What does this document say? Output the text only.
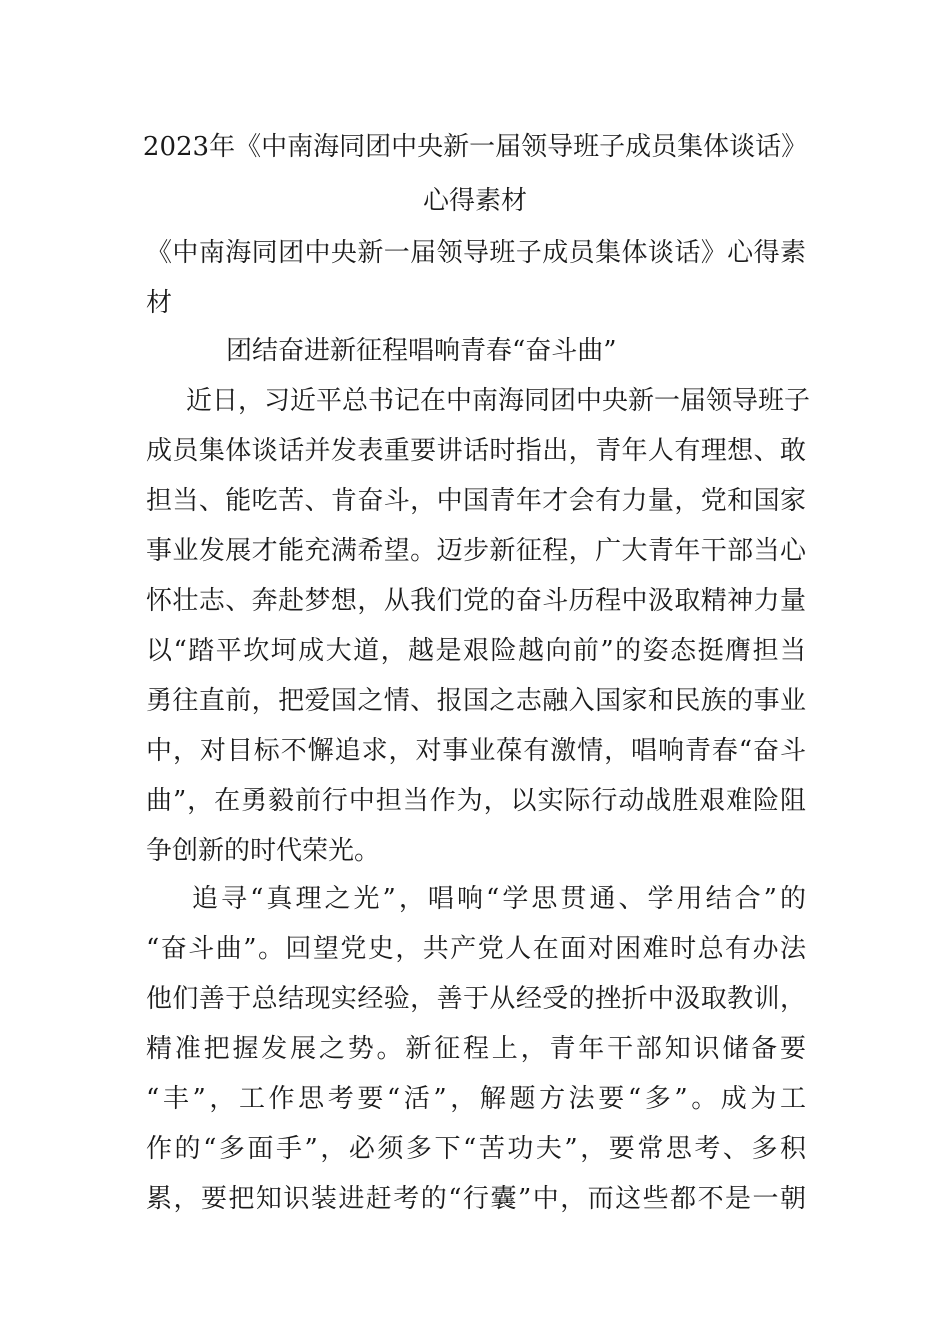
2023年《中南海同团中央新一届领导班子成员集体谈话》
心得素材
《中南海同团中央新一届领导班子成员集体谈话》心得素
材
团结奋进新征程唱响青春“奋斗曲”
近日，习近平总书记在中南海同团中央新一届领导班子
成员集体谈话并发表重要讲话时指出，青年人有理想、敢
担当、能吃苦、肯奋斗，中国青年才会有力量，党和国家
事业发展才能充满希望。迈步新征程，广大青年干部当心
怀壮志、奔赴梦想，从我们党的奋斗历程中汲取精神力量
以“踏平坎坷成大道，越是艰险越向前”的姿态挺膺担当
勇往直前，把爱国之情、报国之志融入国家和民族的事业
中，对目标不懈追求，对事业葆有激情，唱响青春“奋斗
曲”，在勇毅前行中担当作为，以实际行动战胜艰难险阻
争创新的时代荣光。
追寻“真理之光”，唱响“学思贯通、学用结合”的
“奋斗曲”。回望党史，共产党人在面对困难时总有办法
他们善于总结现实经验，善于从经受的挫折中汲取教训，
精准把握发展之势。新征程上，青年干部知识储备要
“丰”，工作思考要“活”，解题方法要“多”。成为工
作的“多面手”，必须多下“苦功夫”，要常思考、多积
累，要把知识装进赶考的“行囊”中，而这些都不是一朝
